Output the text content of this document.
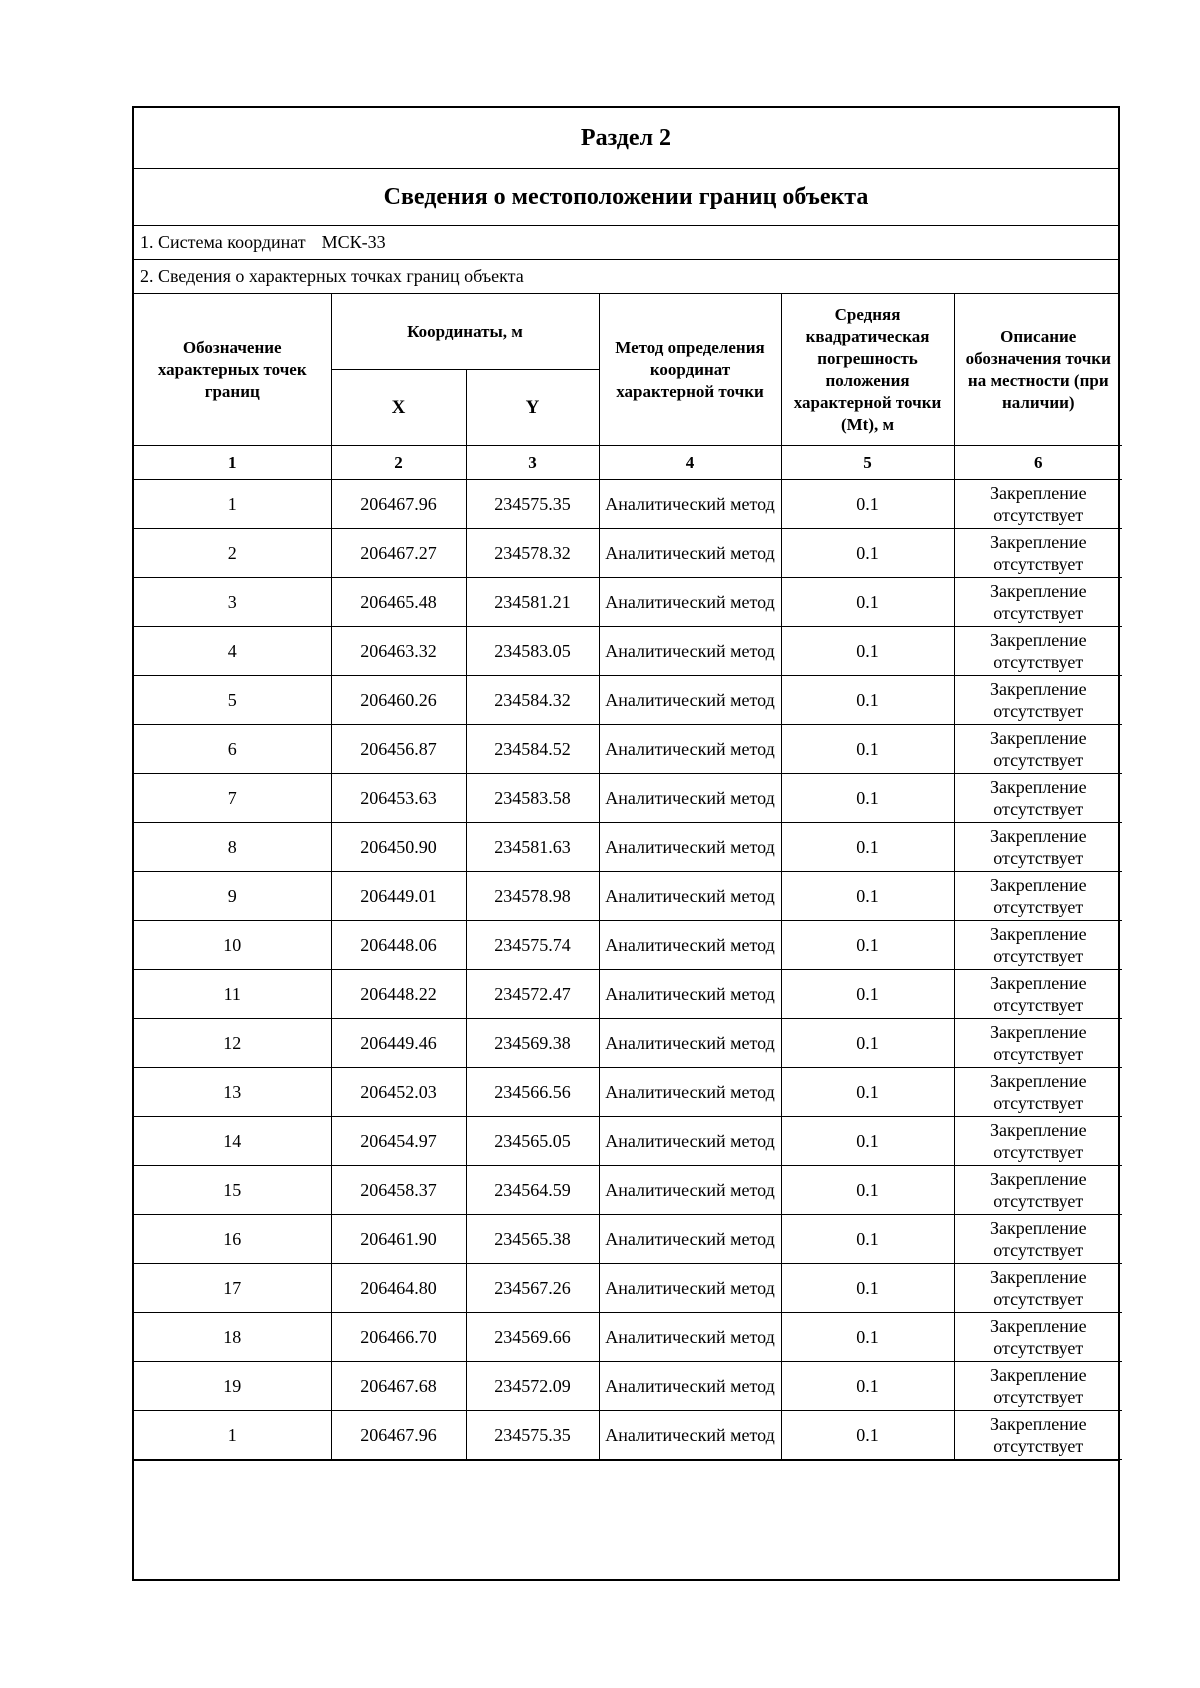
Раздел 2
Сведения о местоположении границ объекта
1. Система координат МСК-33
2. Сведения о характерных точках границ объекта
Обозначение характерных точек границ	Координаты, м		Метод определения координат характерной точки	Средняя квадратическая погрешность положения характерной точки (Mt), м	Описание обозначения точки на местности (при наличии)
	X	Y			
1	2	3	4	5	6
1	206467.96	234575.35	Аналитический метод	0.1	Закрепление отсутствует

2	206467.27	234578.32	Аналитический метод	0.1	Закрепление отсутствует

3	206465.48	234581.21	Аналитический метод	0.1	Закрепление отсутствует

4	206463.32	234583.05	Аналитический метод	0.1	Закрепление отсутствует

5	206460.26	234584.32	Аналитический метод	0.1	Закрепление отсутствует

6	206456.87	234584.52	Аналитический метод	0.1	Закрепление отсутствует

7	206453.63	234583.58	Аналитический метод	0.1	Закрепление отсутствует

8	206450.90	234581.63	Аналитический метод	0.1	Закрепление отсутствует

9	206449.01	234578.98	Аналитический метод	0.1	Закрепление отсутствует

10	206448.06	234575.74	Аналитический метод	0.1	Закрепление отсутствует

11	206448.22	234572.47	Аналитический метод	0.1	Закрепление отсутствует

12	206449.46	234569.38	Аналитический метод	0.1	Закрепление отсутствует

13	206452.03	234566.56	Аналитический метод	0.1	Закрепление отсутствует

14	206454.97	234565.05	Аналитический метод	0.1	Закрепление отсутствует

15	206458.37	234564.59	Аналитический метод	0.1	Закрепление отсутствует

16	206461.90	234565.38	Аналитический метод	0.1	Закрепление отсутствует

17	206464.80	234567.26	Аналитический метод	0.1	Закрепление отсутствует

18	206466.70	234569.66	Аналитический метод	0.1	Закрепление отсутствует

19	206467.68	234572.09	Аналитический метод	0.1	Закрепление отсутствует

1	206467.96	234575.35	Аналитический метод	0.1	Закрепление отсутствует
